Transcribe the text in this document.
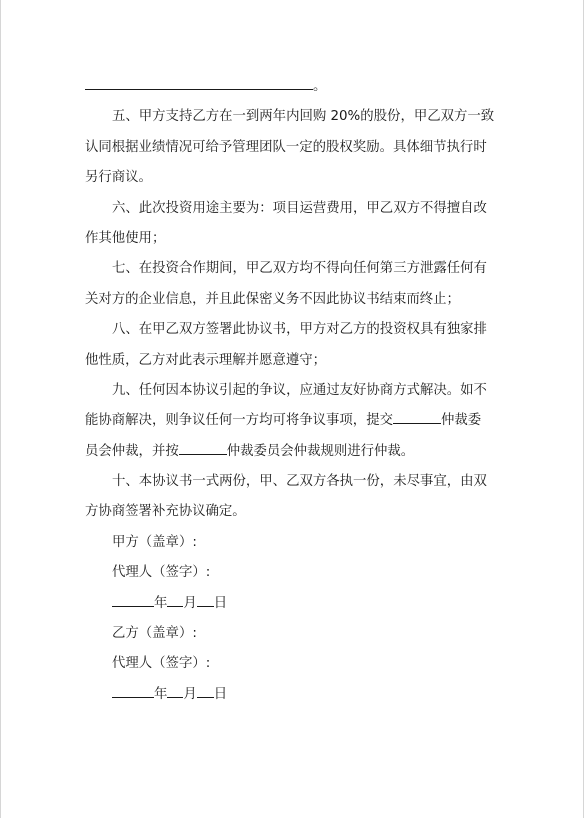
。
五、甲方支持乙方在一到两年内回购 20%的股份，甲乙双方一致
认同根据业绩情况可给予管理团队一定的股权奖励。具体细节执行时
另行商议。
六、此次投资用途主要为：项目运营费用，甲乙双方不得擅自改
作其他使用；
七、在投资合作期间，甲乙双方均不得向任何第三方泄露任何有
关对方的企业信息，并且此保密义务不因此协议书结束而终止；
八、在甲乙双方签署此协议书，甲方对乙方的投资权具有独家排
他性质，乙方对此表示理解并愿意遵守；
九、任何因本协议引起的争议，应通过友好协商方式解决。如不
能协商解决，则争议任何一方均可将争议事项，提交	仲裁委
员会仲裁，并按	仲裁委员会仲裁规则进行仲裁。
十、本协议书一式两份，甲、乙双方各执一份，未尽事宜，由双
方协商签署补充协议确定。
甲方（盖章）:
代理人（签字）:
年 月 日
乙方（盖章）:
代理人（签字）:
年 月 日
